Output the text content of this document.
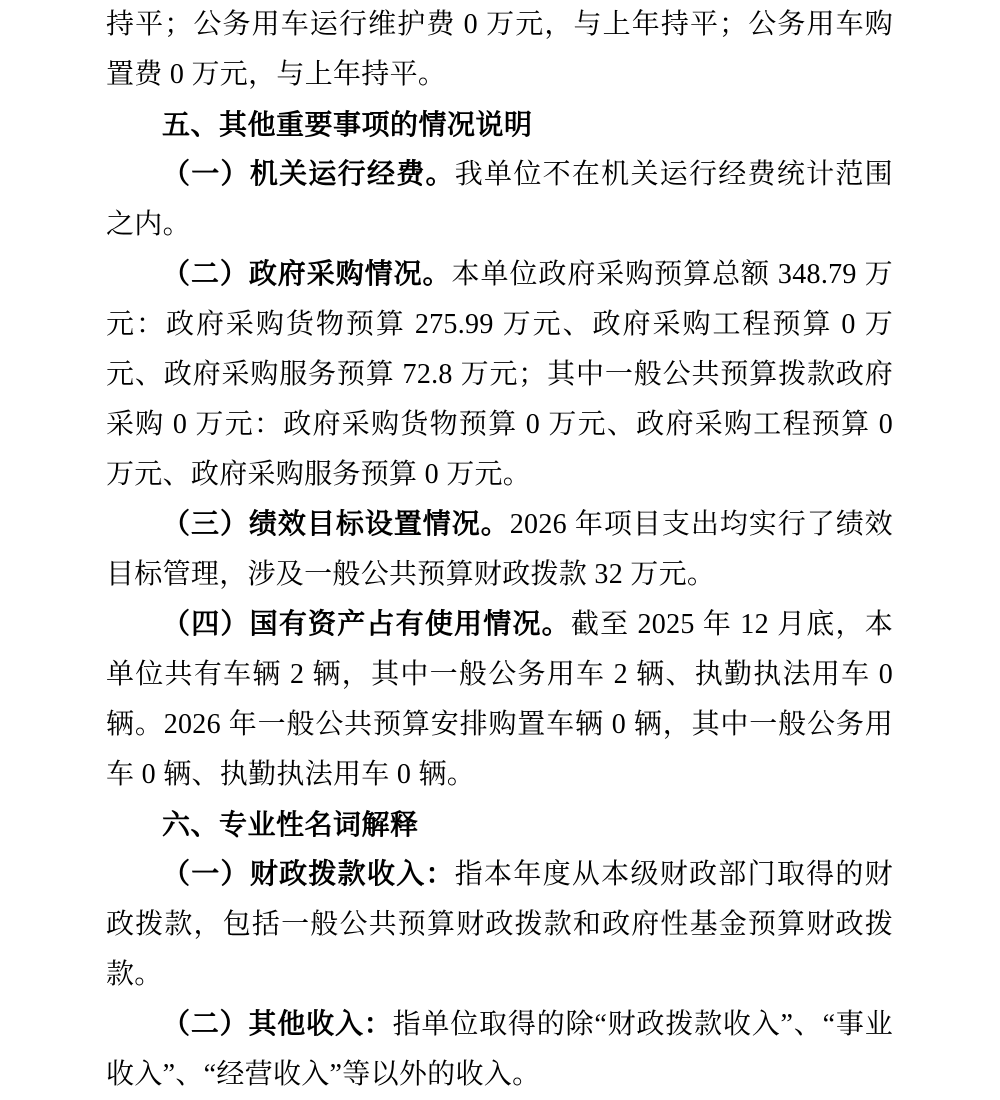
持平；公务用车运行维护费 0 万元，与上年持平；公务用车购置费 0 万元，与上年持平。

五、其他重要事项的情况说明

（一）机关运行经费。我单位不在机关运行经费统计范围之内。

（二）政府采购情况。本单位政府采购预算总额 348.79 万元：政府采购货物预算 275.99 万元、政府采购工程预算 0 万元、政府采购服务预算 72.8 万元；其中一般公共预算拨款政府采购 0 万元：政府采购货物预算 0 万元、政府采购工程预算 0 万元、政府采购服务预算 0 万元。

（三）绩效目标设置情况。2026 年项目支出均实行了绩效目标管理，涉及一般公共预算财政拨款 32 万元。

（四）国有资产占有使用情况。截至 2025 年 12 月底，本单位共有车辆 2 辆，其中一般公务用车 2 辆、执勤执法用车 0 辆。2026 年一般公共预算安排购置车辆 0 辆，其中一般公务用车 0 辆、执勤执法用车 0 辆。

六、专业性名词解释

（一）财政拨款收入：指本年度从本级财政部门取得的财政拨款，包括一般公共预算财政拨款和政府性基金预算财政拨款。

（二）其他收入：指单位取得的除“财政拨款收入”、“事业收入”、“经营收入”等以外的收入。
